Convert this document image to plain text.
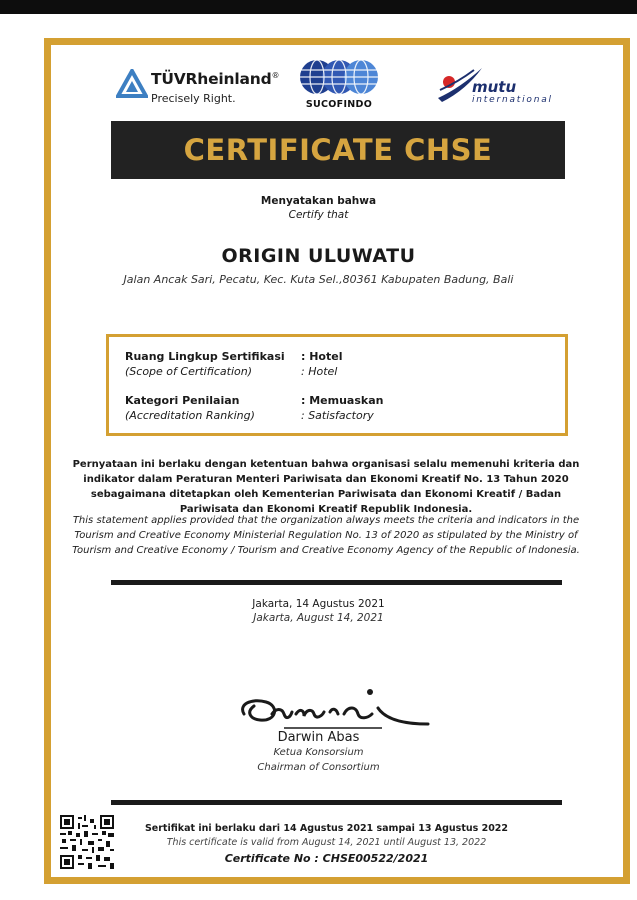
TÜVRheinland®
Precisely Right.	SUCOFINDO
mutu
international
CERTIFICATE CHSE
Menyatakan bahwa
Certify that
ORIGIN ULUWATU
Jalan Ancak Sari, Pecatu, Kec. Kuta Sel.,80361 Kabupaten Badung, Bali
Ruang Lingkup Sertifikasi	: Hotel
(Scope of Certification)	: Hotel
Kategori Penilaian	: Memuaskan
(Accreditation Ranking)	: Satisfactory
Pernyataan ini berlaku dengan ketentuan bahwa organisasi selalu memenuhi kriteria dan indikator dalam Peraturan Menteri Pariwisata dan Ekonomi Kreatif No. 13 Tahun 2020 sebagaimana ditetapkan oleh Kementerian Pariwisata dan Ekonomi Kreatif / Badan Pariwisata dan Ekonomi Kreatif Republik Indonesia.
This statement applies provided that the organization always meets the criteria and indicators in the Tourism and Creative Economy Ministerial Regulation No. 13 of 2020 as stipulated by the Ministry of Tourism and Creative Economy / Tourism and Creative Economy Agency of the Republic of Indonesia.
Jakarta, 14 Agustus 2021
Jakarta, August 14, 2021
Darwin Abas
Ketua Konsorsium
Chairman of Consortium
Sertifikat ini berlaku dari 14 Agustus 2021 sampai 13 Agustus 2022
This certificate is valid from August 14, 2021 until August 13, 2022
Certificate No : CHSE00522/2021
